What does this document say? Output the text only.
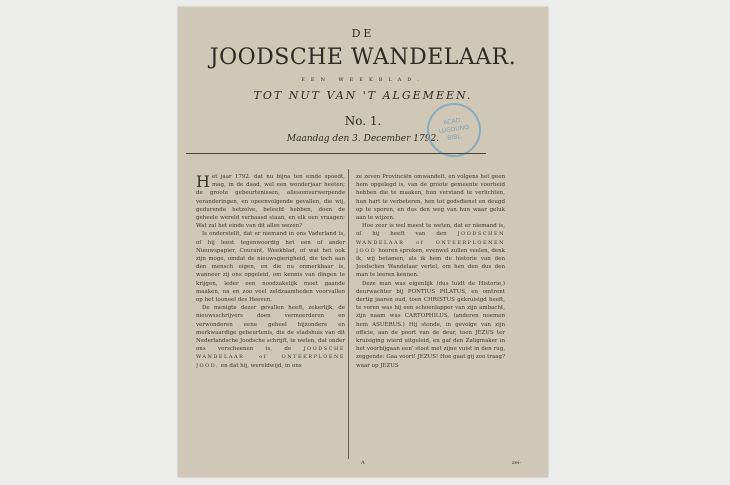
DE
JOODSCHE WANDELAAR.
EEN WEEKBLAD.
TOT NUT VAN 'T ALGEMEEN.
No. 1.
Maandag den 3. December 1792.
ACAD.
LUGDUNO
BIBL.

Het jaar 1792. dat nu bijna ten einde spoedt, mag, in de daad, wel een wonderjaar heeten; de groote gebeurtenissen, allesomverwerpende veranderingen, en opeenvolgende gevallen, die wij, gedurende hetzelve, beleefd hebben, doen de geheele wereld verbaasd staan, en elk een vraagen: Wat zal het einde van dit alles wezen?

Is onderstellt, dat er niemand in ons Vaderland is, of hij leest tegenwoordig het een of ander Nieuwspapier, Courant, Weekblad, of wat het ook zijn moge, omdat de nieuwsgierigheid, die toch aan den mensch eigen, en die nu onmerkbaar is, wanneer zij ons opgeleid, om kennis van dingen te krijgen, leder een noodzakelijk moet gaande maaken, na en zoo veel zeldzaamheden voorvallen op het tooneel des Heeven.

De menigte dezer gevallen heeft, zekerlijk, de nieuwsschrijvers doen vermeerderen en verwonderen eene geheel bijzondere en merkwaardige gebeurtenis, die de stadshuis van dit Nederlandsche Joodsche schrijft, te weten, dat onder ons verscheenen is, de JOODSCHE WANDELAAR of ONTEERPLOENE JOOD, en dat hij, wereldwijd, in ons

ze zeven Provinciën omwandelt, en volgens het geen hem opgelegd is, van de groote gemeente voorheid hebben die te maaken, hun verstand te verlichten, hun hart te verbeteren, hen tot godsdienst en deugd op te sporen, en dus den weg van hun waar geluk aan te wijzen.

Hoe zeer is wel meest te weten, dat er niemand is, of hij heeft van den JOODSCHEN WANDELAAR of ONTEERPLOENEN JOOD hooren spreken, evenwel zullen veelen, denk ik, wij betamen, als ik hem de historie van den Joodschen Wandelaar vertel, om hen den dus den man te leeren kennen.

Deze man was eigenlijk (dus luidt de Historie,) deurwachter bij PONTIUS PILATUS, en omtrent dertig jaaren oud, toen CHRISTUS gekruisigd heeft, te voren was hij een schoenlapper van zijn ambacht, zijn naam was CARTOPHILUS, (anderen noemen hem ASUERUS.) Hij stonde, in gevolge van zijn officie, aan de poort van de deur, toen JEZUS ter kruisiging wierd uitgeleid, en gaf den Zaligmaker in het voorbijgaan een' stoot met zijne vuist in den rug, zeggende: Gaa voort! JEZUS! Hoe gaat gij zoo traag? waar op JEZUS

A	zei-
